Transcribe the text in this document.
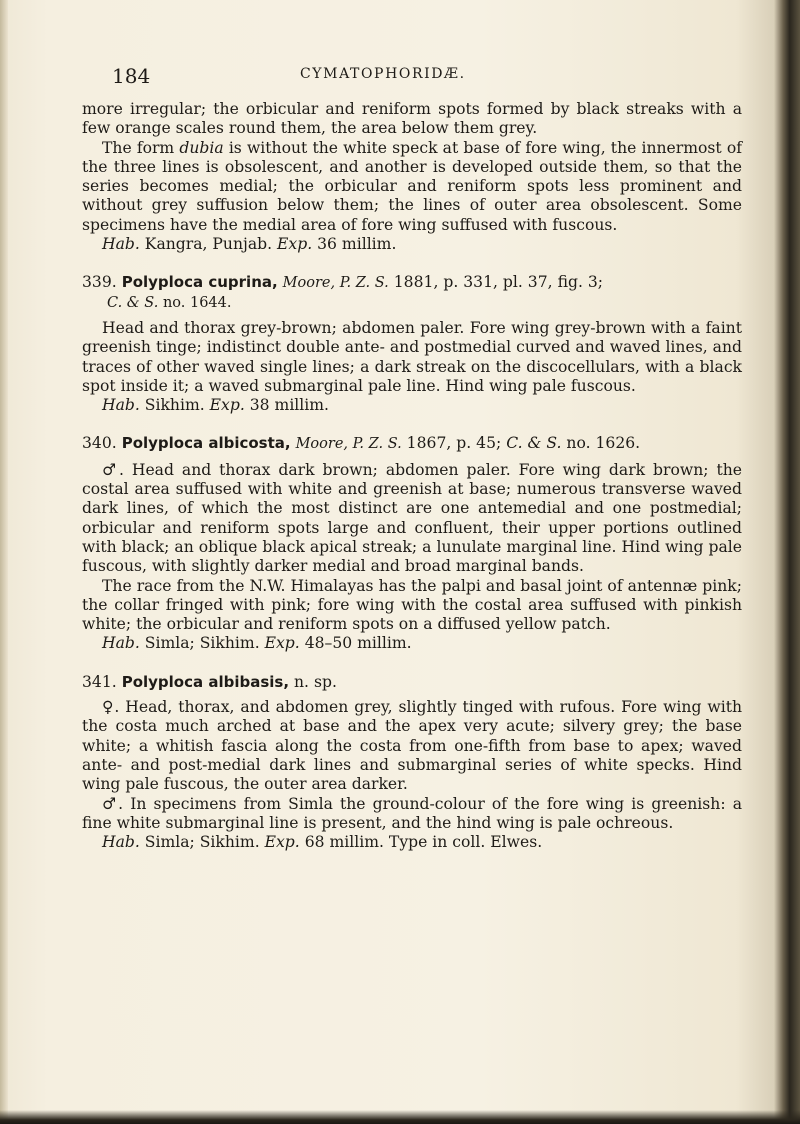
184	CYMATOPHORIDÆ.

more irregular; the orbicular and reniform spots formed by black streaks with a few orange scales round them, the area below them grey.

The form dubia is without the white speck at base of fore wing, the innermost of the three lines is obsolescent, and another is developed outside them, so that the series becomes medial; the orbicular and reniform spots less prominent and without grey suffusion below them; the lines of outer area obsolescent. Some specimens have the medial area of fore wing suffused with fuscous.

Hab. Kangra, Punjab. Exp. 36 millim.

339. Polyploca cuprina, Moore, P. Z. S. 1881, p. 331, pl. 37, fig. 3;

C. & S. no. 1644.

Head and thorax grey-brown; abdomen paler. Fore wing grey-brown with a faint greenish tinge; indistinct double ante- and postmedial curved and waved lines, and traces of other waved single lines; a dark streak on the discocellulars, with a black spot inside it; a waved submarginal pale line. Hind wing pale fuscous.

Hab. Sikhim. Exp. 38 millim.

340. Polyploca albicosta, Moore, P. Z. S. 1867, p. 45; C. & S. no. 1626.

♂. Head and thorax dark brown; abdomen paler. Fore wing dark brown; the costal area suffused with white and greenish at base; numerous transverse waved dark lines, of which the most distinct are one antemedial and one postmedial; orbicular and reniform spots large and confluent, their upper portions outlined with black; an oblique black apical streak; a lunulate marginal line. Hind wing pale fuscous, with slightly darker medial and broad marginal bands.

The race from the N.W. Himalayas has the palpi and basal joint of antennæ pink; the collar fringed with pink; fore wing with the costal area suffused with pinkish white; the orbicular and reniform spots on a diffused yellow patch.

Hab. Simla; Sikhim. Exp. 48–50 millim.

341. Polyploca albibasis, n. sp.

♀. Head, thorax, and abdomen grey, slightly tinged with rufous. Fore wing with the costa much arched at base and the apex very acute; silvery grey; the base white; a whitish fascia along the costa from one-fifth from base to apex; waved ante- and post-medial dark lines and submarginal series of white specks. Hind wing pale fuscous, the outer area darker.

♂. In specimens from Simla the ground-colour of the fore wing is greenish: a fine white submarginal line is present, and the hind wing is pale ochreous.

Hab. Simla; Sikhim. Exp. 68 millim. Type in coll. Elwes.
